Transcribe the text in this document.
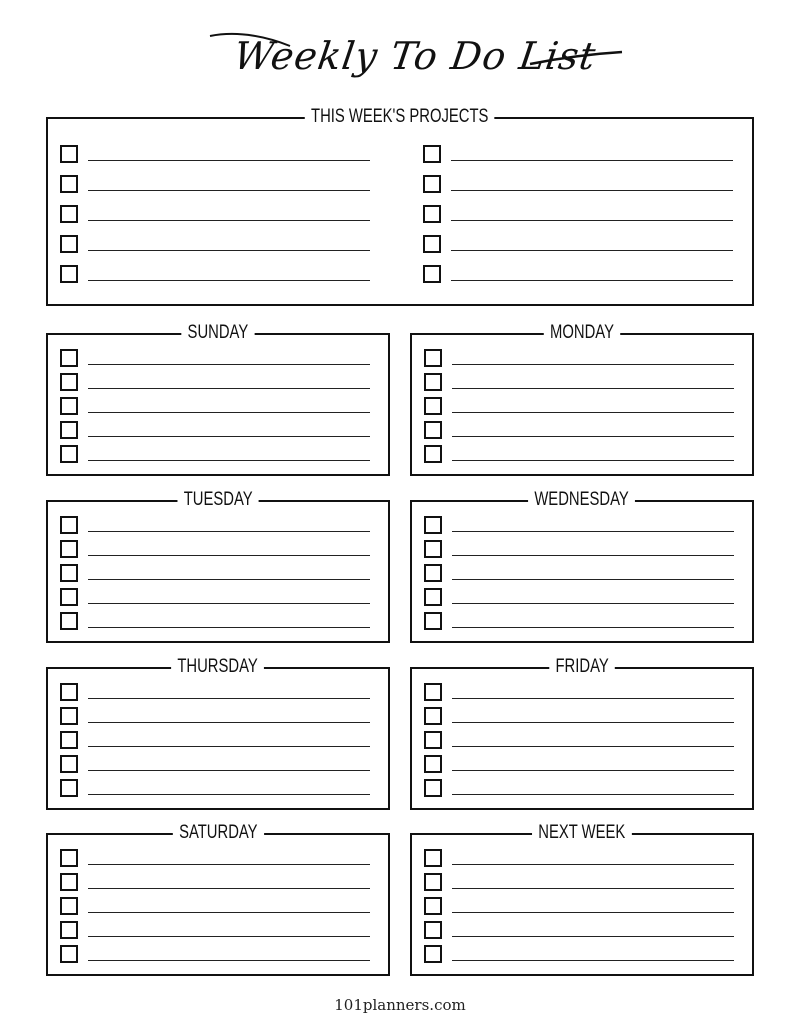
Weekly To Do List
THIS WEEK'S PROJECTS
SUNDAY	MONDAY
TUESDAY	WEDNESDAY
THURSDAY	FRIDAY
SATURDAY	NEXT WEEK
101planners.com
